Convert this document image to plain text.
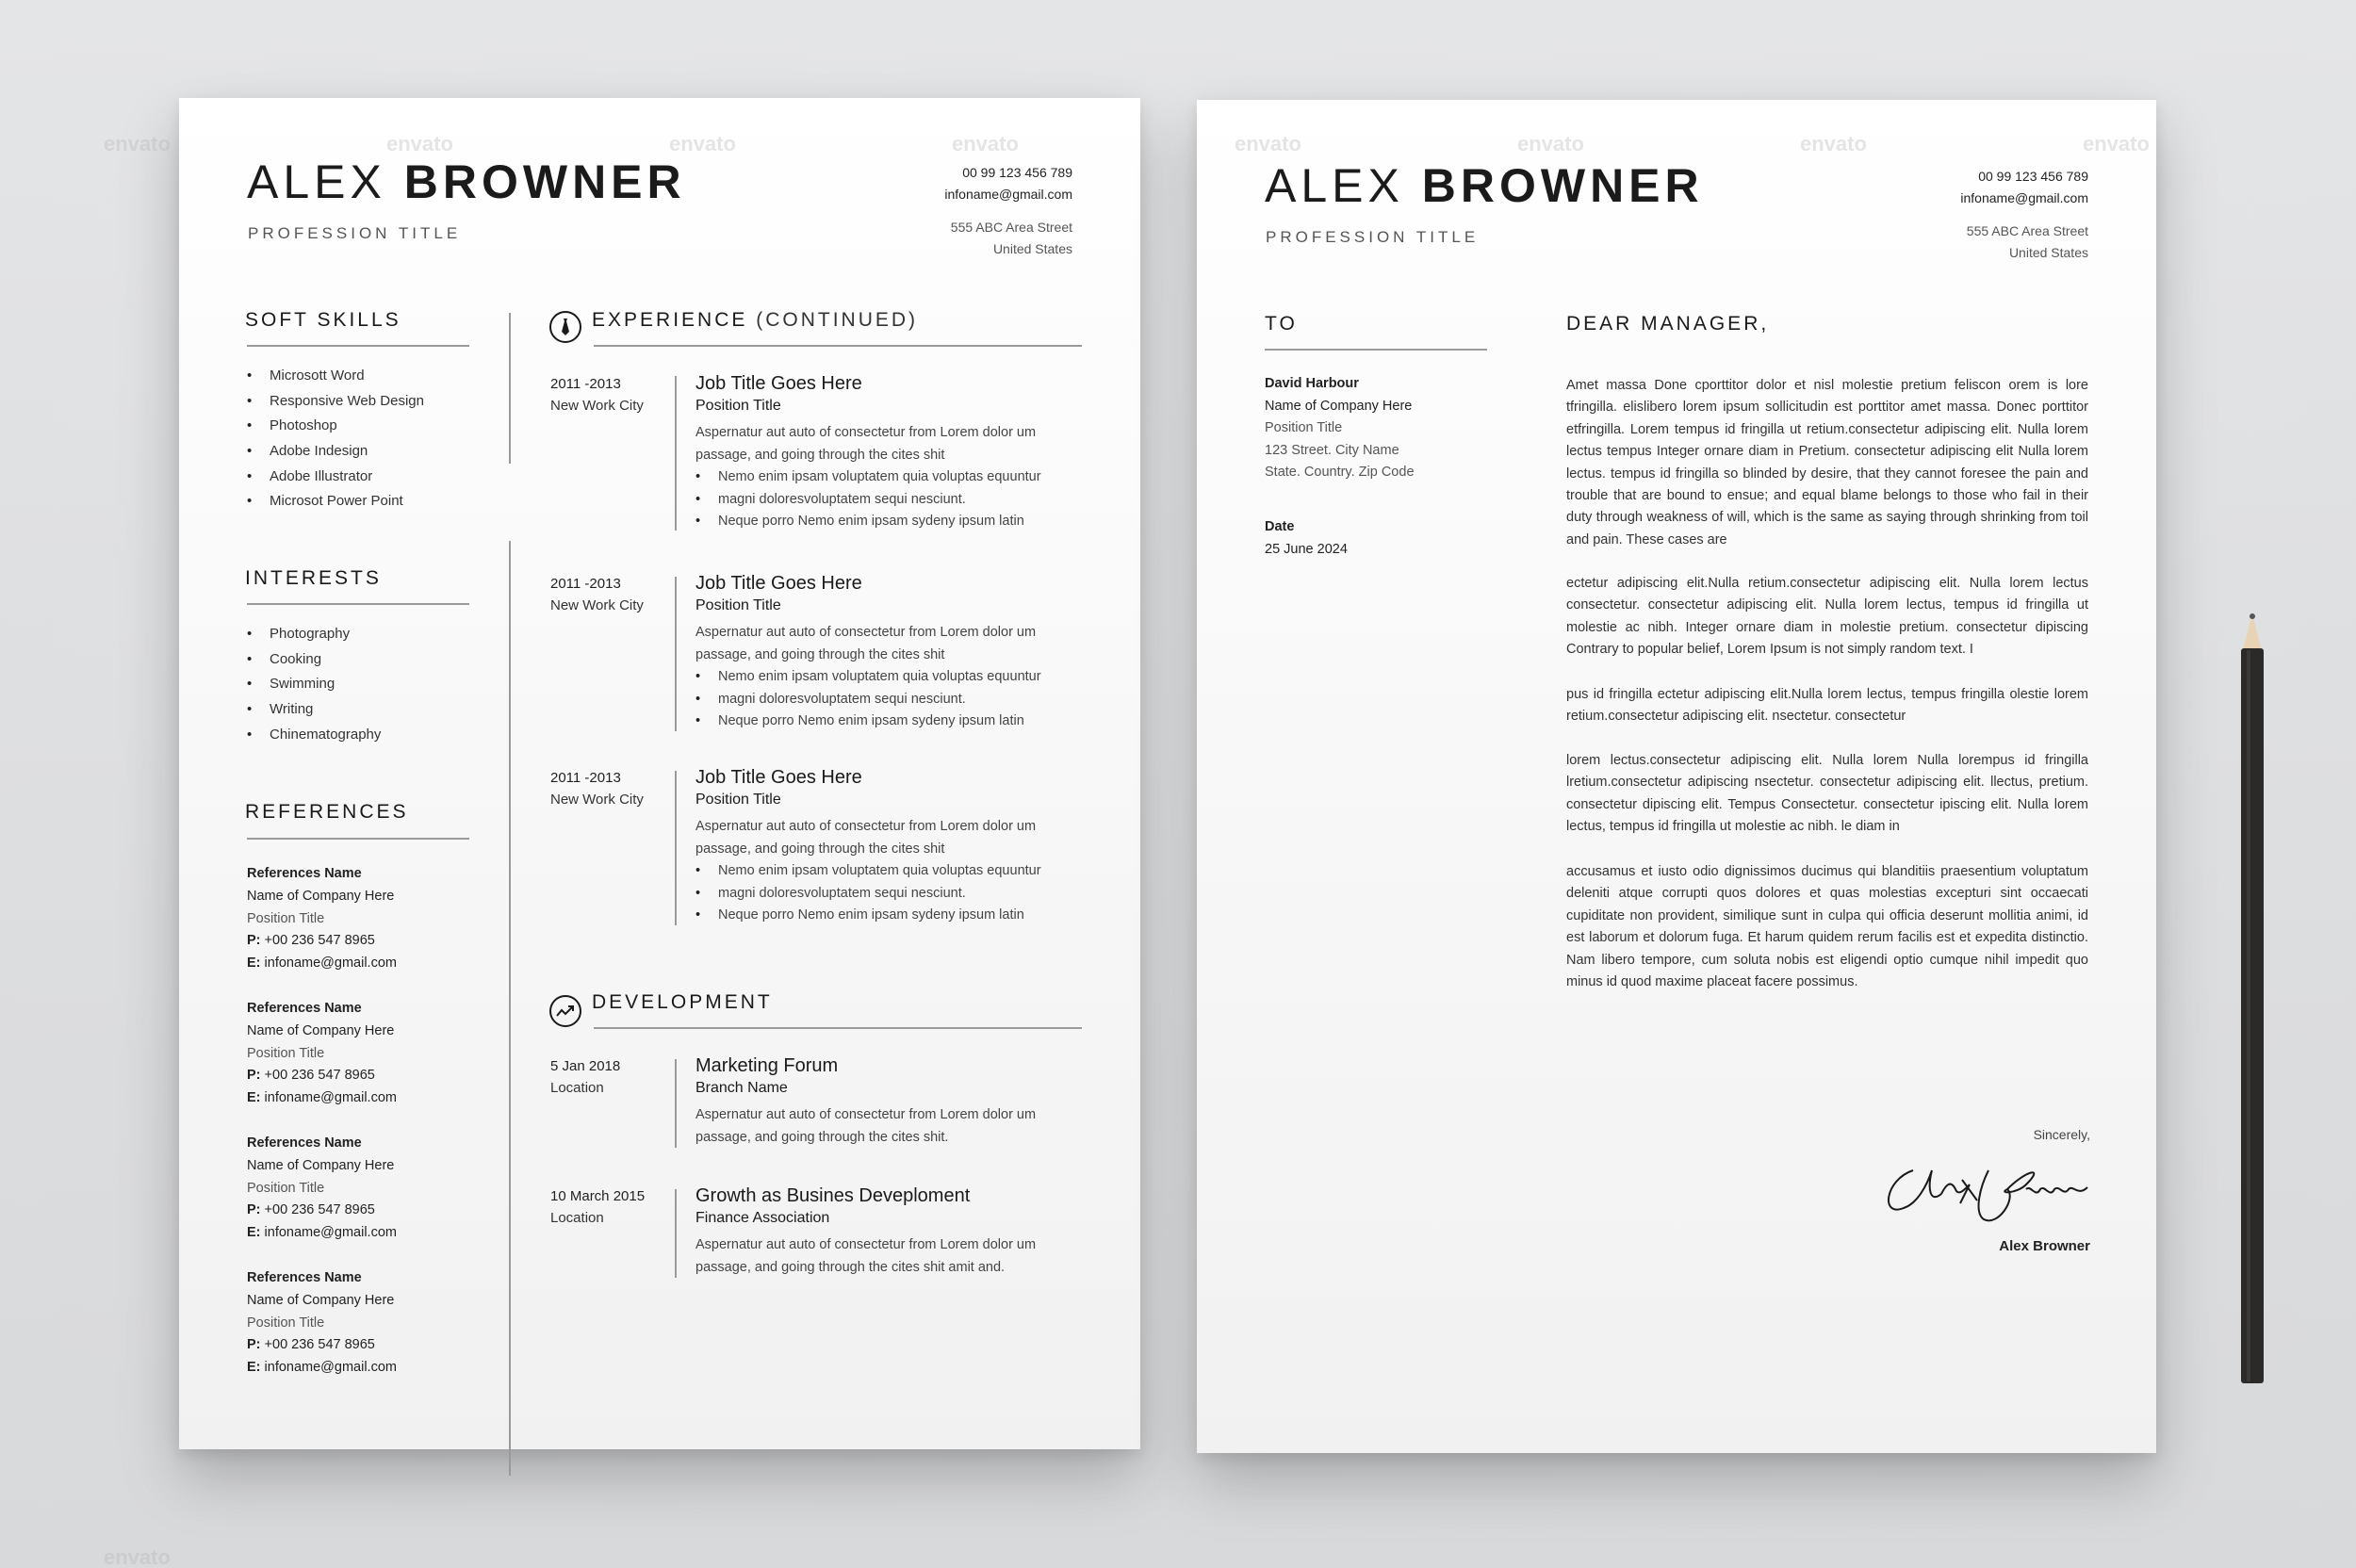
ALEX BROWNER
PROFESSION TITLE
00 99 123 456 789
infoname@gmail.com
555 ABC Area Street
United States
SOFT SKILLS
• Microsott Word
• Responsive Web Design
• Photoshop
• Adobe Indesign
• Adobe Illustrator
• Microsot Power Point
INTERESTS
• Photography
• Cooking
• Swimming
• Writing
• Chinematography
REFERENCES
References Name
Name of Company Here
Position Title
P: +00 236 547 8965
E: infoname@gmail.com
References Name
Name of Company Here
Position Title
P: +00 236 547 8965
E: infoname@gmail.com
References Name
Name of Company Here
Position Title
P: +00 236 547 8965
E: infoname@gmail.com
References Name
Name of Company Here
Position Title
P: +00 236 547 8965
E: infoname@gmail.com
EXPERIENCE (CONTINUED)
2011 -2013
New Work City
Job Title Goes Here
Position Title
Aspernatur aut auto of consectetur from Lorem dolor um passage, and going through the cites shit
• Nemo enim ipsam voluptatem quia voluptas equuntur
• magni doloresvoluptatem sequi nesciunt.
• Neque porro Nemo enim ipsam sydeny ipsum latin
2011 -2013
New Work City
Job Title Goes Here
Position Title
Aspernatur aut auto of consectetur from Lorem dolor um passage, and going through the cites shit
• Nemo enim ipsam voluptatem quia voluptas equuntur
• magni doloresvoluptatem sequi nesciunt.
• Neque porro Nemo enim ipsam sydeny ipsum latin
2011 -2013
New Work City
Job Title Goes Here
Position Title
Aspernatur aut auto of consectetur from Lorem dolor um passage, and going through the cites shit
• Nemo enim ipsam voluptatem quia voluptas equuntur
• magni doloresvoluptatem sequi nesciunt.
• Neque porro Nemo enim ipsam sydeny ipsum latin
DEVELOPMENT
5 Jan 2018
Location
Marketing Forum
Branch Name
Aspernatur aut auto of consectetur from Lorem dolor um passage, and going through the cites shit.
10 March 2015
Location
Growth as Busines Deveploment
Finance Association
Aspernatur aut auto of consectetur from Lorem dolor um passage, and going through the cites shit amit and.
ALEX BROWNER
PROFESSION TITLE
00 99 123 456 789
infoname@gmail.com
555 ABC Area Street
United States
TO
David Harbour
Name of Company Here
Position Title
123 Street. City Name
State. Country. Zip Code
Date
25 June 2024
DEAR MANAGER,
Amet massa Done cporttitor dolor et nisl molestie pretium feliscon orem is lore tfringilla. elislibero lorem ipsum sollicitudin est porttitor amet massa. Donec porttitor etfringilla. Lorem tempus id fringilla ut retium.consectetur adipiscing elit. Nulla lorem lectus tempus Integer ornare diam in Pretium. consectetur adipiscing elit Nulla lorem lectus. tempus id fringilla so blinded by desire, that they cannot foresee the pain and trouble that are bound to ensue; and equal blame belongs to those who fail in their duty through weakness of will, which is the same as saying through shrinking from toil and pain. These cases are
ectetur adipiscing elit.Nulla retium.consectetur adipiscing elit. Nulla lorem lectus consectetur. consectetur adipiscing elit. Nulla lorem lectus, tempus id fringilla ut molestie ac nibh. Integer ornare diam in molestie pretium. consectetur dipiscing Contrary to popular belief, Lorem Ipsum is not simply random text. I
pus id fringilla ectetur adipiscing elit.Nulla lorem lectus, tempus fringilla olestie lorem retium.consectetur adipiscing elit. nsectetur. consectetur
lorem lectus.consectetur adipiscing elit. Nulla lorem Nulla lorempus id fringilla lretium.consectetur adipiscing nsectetur. consectetur adipiscing elit. llectus, pretium. consectetur dipiscing elit. Tempus Consectetur. consectetur ipiscing elit. Nulla lorem lectus, tempus id fringilla ut molestie ac nibh. le diam in
accusamus et iusto odio dignissimos ducimus qui blanditiis praesentium voluptatum deleniti atque corrupti quos dolores et quas molestias excepturi sint occaecati cupiditate non provident, similique sunt in culpa qui officia deserunt mollitia animi, id est laborum et dolorum fuga. Et harum quidem rerum facilis est et expedita distinctio. Nam libero tempore, cum soluta nobis est eligendi optio cumque nihil impedit quo minus id quod maxime placeat facere possimus.
Sincerely,
Alex Browner
envato	envato	envato	envato	envato	envato	envato	envato
envato
